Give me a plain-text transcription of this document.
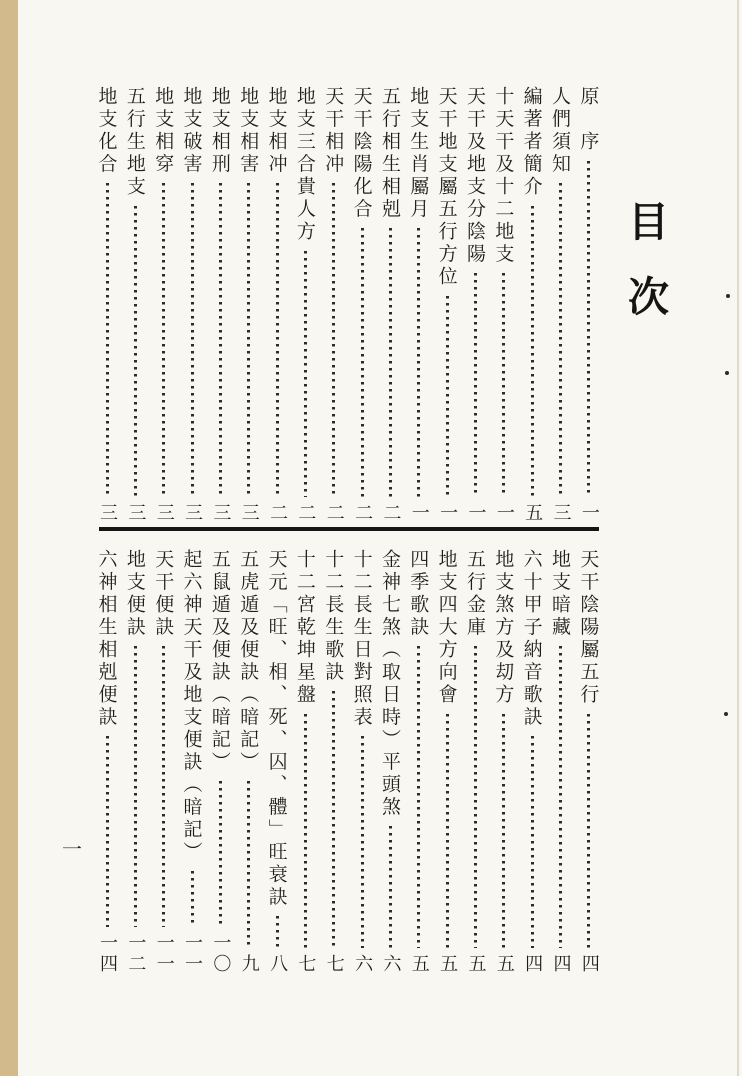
目次
原　序
一
人們須知
三
編著者簡介
五
十天干及十二地支
一
天干及地支分陰陽
一
天干地支屬五行方位
一
地支生肖屬月
一
五行相生相剋
二
天干陰陽化合
二
天干相冲
二
地支三合貴人方
二
地支相冲
二
地支相害
三
地支相刑
三
地支破害
三
地支相穿
三
五行生地支
三
地支化合
三
天干陰陽屬五行
四
地支暗藏
四
六十甲子納音歌訣
四
地支煞方及刧方
五
五行金庫
五
地支四大方向會
五
四季歌訣
五
金神七煞（取日時）平頭煞
六
十二長生日對照表
六
十二長生歌訣
七
十二宮乾坤星盤
七
天元「旺、相、死、囚、體」旺衰訣
八
五虎遁及便訣（暗記）
九
五鼠遁及便訣（暗記）
一〇
起六神天干及地支便訣（暗記）
一一
天干便訣
一一
地支便訣
一二
六神相生相剋便訣
一四
一
